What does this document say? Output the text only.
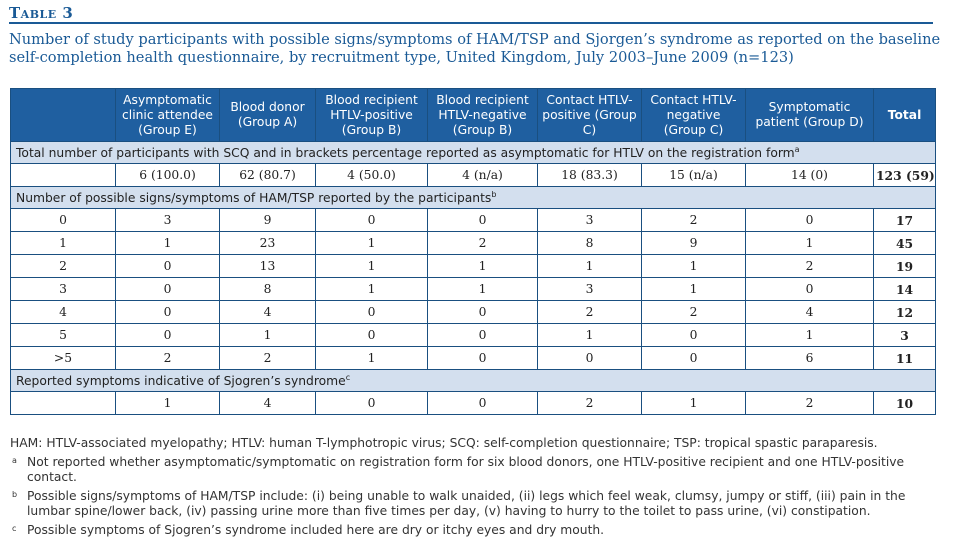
Table 3
Number of study participants with possible signs/symptoms of HAM/TSP and Sjorgen’s syndrome as reported on the baseline self-completion health questionnaire, by recruitment type, United Kingdom, July 2003–June 2009 (n=123)
	Asymptomatic clinic attendee (Group E)	Blood donor (Group A)	Blood recipient HTLV-positive (Group B)	Blood recipient HTLV-negative (Group B)	Contact HTLV- positive (Group C)	Contact HTLV-negative (Group C)	Symptomatic patient (Group D)	Total
Total number of participants with SCQ and in brackets percentage reported as asymptomatic for HTLV on the registration form$^a$
	6 (100.0)	62 (80.7)	4 (50.0)	4 (n/a)	18 (83.3)	15 (n/a)	14 (0)	123 (59)
Number of possible signs/symptoms of HAM/TSP reported by the participants$^b$
0	3	9	0	0	3	2	0	17
1	1	23	1	2	8	9	1	45
2	0	13	1	1	1	1	2	19
3	0	8	1	1	3	1	0	14
4	0	4	0	0	2	2	4	12
5	0	1	0	0	1	0	1	3
>5	2	2	1	0	0	0	6	11
Reported symptoms indicative of Sjogren’s syndrome$^c$
	1	4	0	0	2	1	2	10
HAM: HTLV-associated myelopathy; HTLV: human T-lymphotropic virus; SCQ: self-completion questionnaire; TSP: tropical spastic paraparesis.
a Not reported whether asymptomatic/symptomatic on registration form for six blood donors, one HTLV-positive recipient and one HTLV-positive contact.
b Possible signs/symptoms of HAM/TSP include: (i) being unable to walk unaided, (ii) legs which feel weak, clumsy, jumpy or stiff, (iii) pain in the lumbar spine/lower back, (iv) passing urine more than five times per day, (v) having to hurry to the toilet to pass urine, (vi) constipation.
c Possible symptoms of Sjogren’s syndrome included here are dry or itchy eyes and dry mouth.
